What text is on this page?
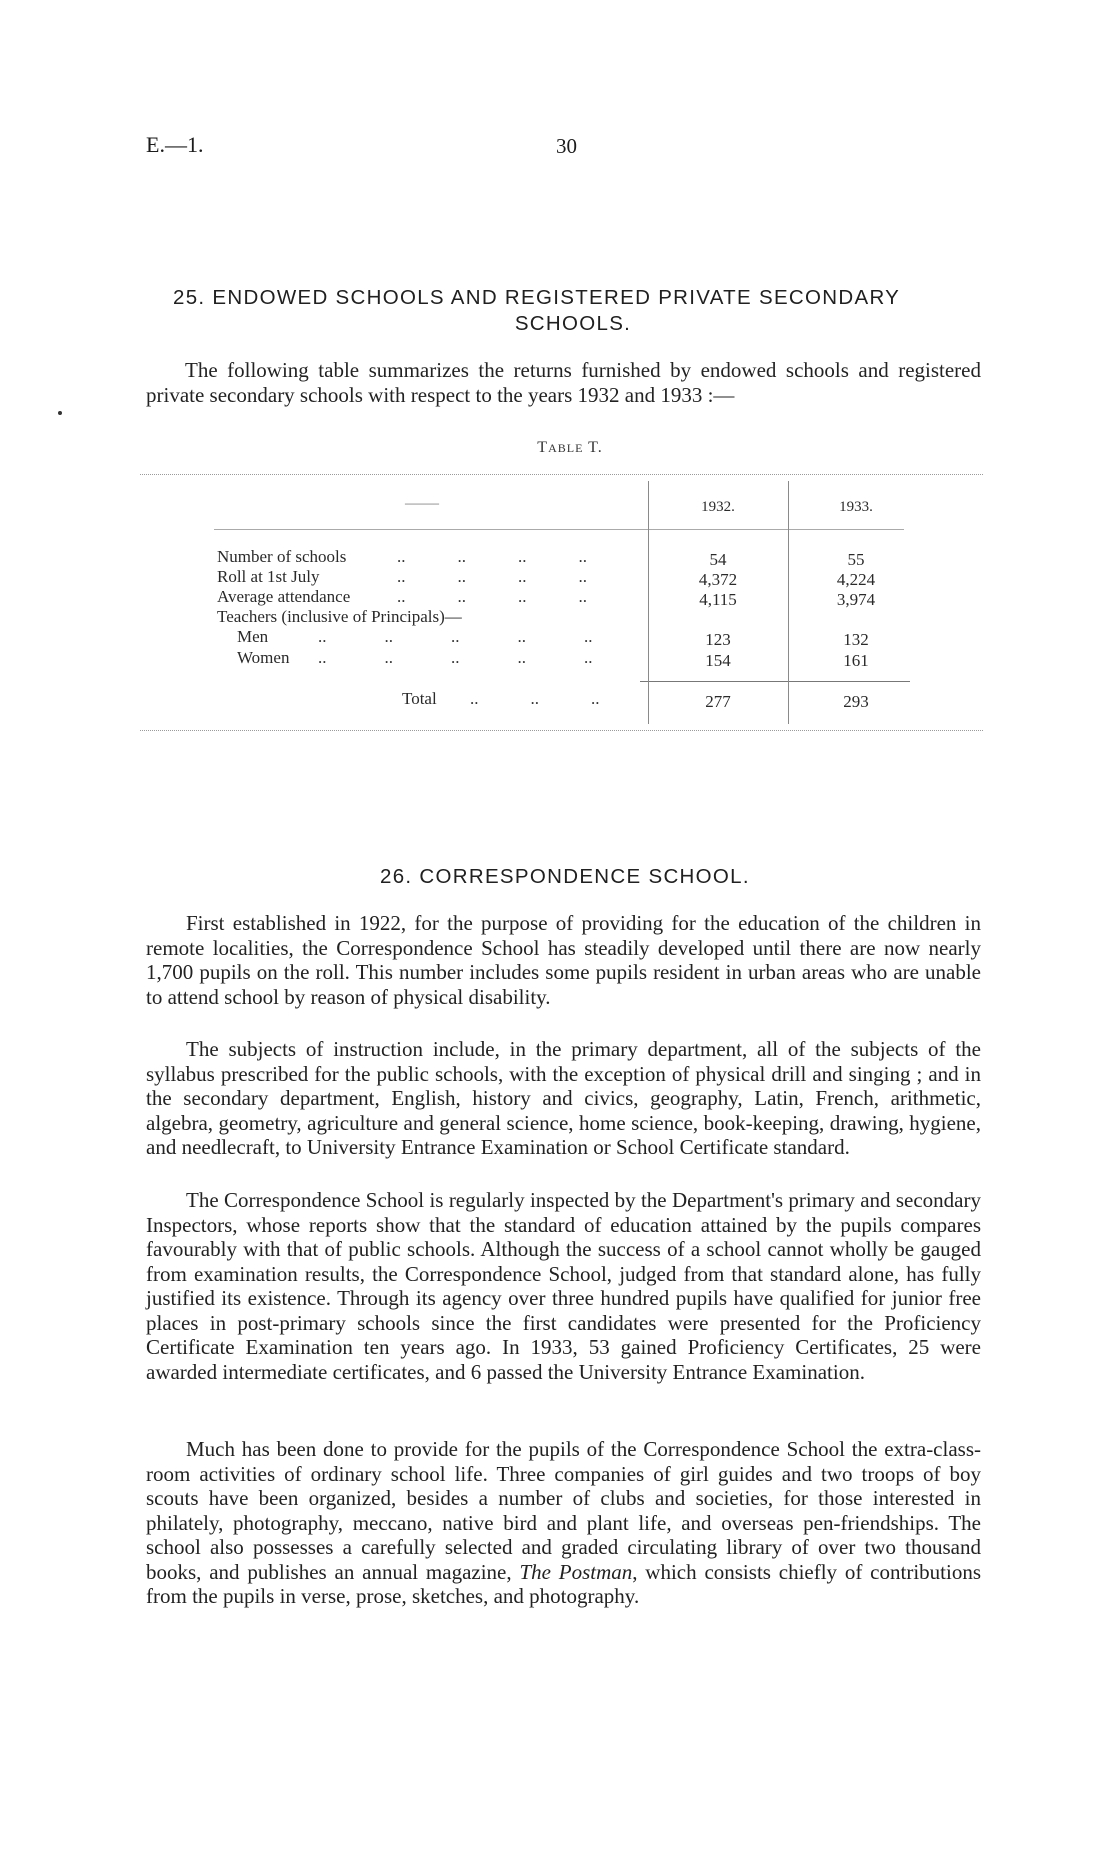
E.—1.	30
25. ENDOWED SCHOOLS AND REGISTERED PRIVATE SECONDARY
SCHOOLS.
The following table summarizes the returns furnished by endowed schools and registered private secondary schools with respect to the years 1932 and 1933 :—
TABLE T.
——	1932.	1933.
Number of schools	..	..	..	..	54	55
Roll at 1st July	..	..	..	..	4,372	4,224
Average attendance	..	..	..	..	4,115	3,974
Teachers (inclusive of Principals)—
Men	..	..	..	..	..	123	132
Women ..	..	..	..	..	154	161
Total ..	..	..	277	293
26. CORRESPONDENCE SCHOOL.
First established in 1922, for the purpose of providing for the education of the children in remote localities, the Correspondence School has steadily developed until there are now nearly 1,700 pupils on the roll. This number includes some pupils resident in urban areas who are unable to attend school by reason of physical disability.
The subjects of instruction include, in the primary department, all of the subjects of the syllabus prescribed for the public schools, with the exception of physical drill and singing ; and in the secondary department, English, history and civics, geography, Latin, French, arithmetic, algebra, geometry, agriculture and general science, home science, book-keeping, drawing, hygiene, and needlecraft, to University Entrance Examination or School Certificate standard.
The Correspondence School is regularly inspected by the Department's primary and secondary Inspectors, whose reports show that the standard of education attained by the pupils compares favourably with that of public schools. Although the success of a school cannot wholly be gauged from examination results, the Correspondence School, judged from that standard alone, has fully justified its existence. Through its agency over three hundred pupils have qualified for junior free places in post-primary schools since the first candidates were presented for the Proficiency Certificate Examination ten years ago. In 1933, 53 gained Proficiency Certificates, 25 were awarded intermediate certificates, and 6 passed the University Entrance Examination.
Much has been done to provide for the pupils of the Correspondence School the extra-class-room activities of ordinary school life. Three companies of girl guides and two troops of boy scouts have been organized, besides a number of clubs and societies, for those interested in philately, photography, meccano, native bird and plant life, and overseas pen-friendships. The school also possesses a carefully selected and graded circulating library of over two thousand books, and publishes an annual magazine, The Postman, which consists chiefly of contributions from the pupils in verse, prose, sketches, and photography.
